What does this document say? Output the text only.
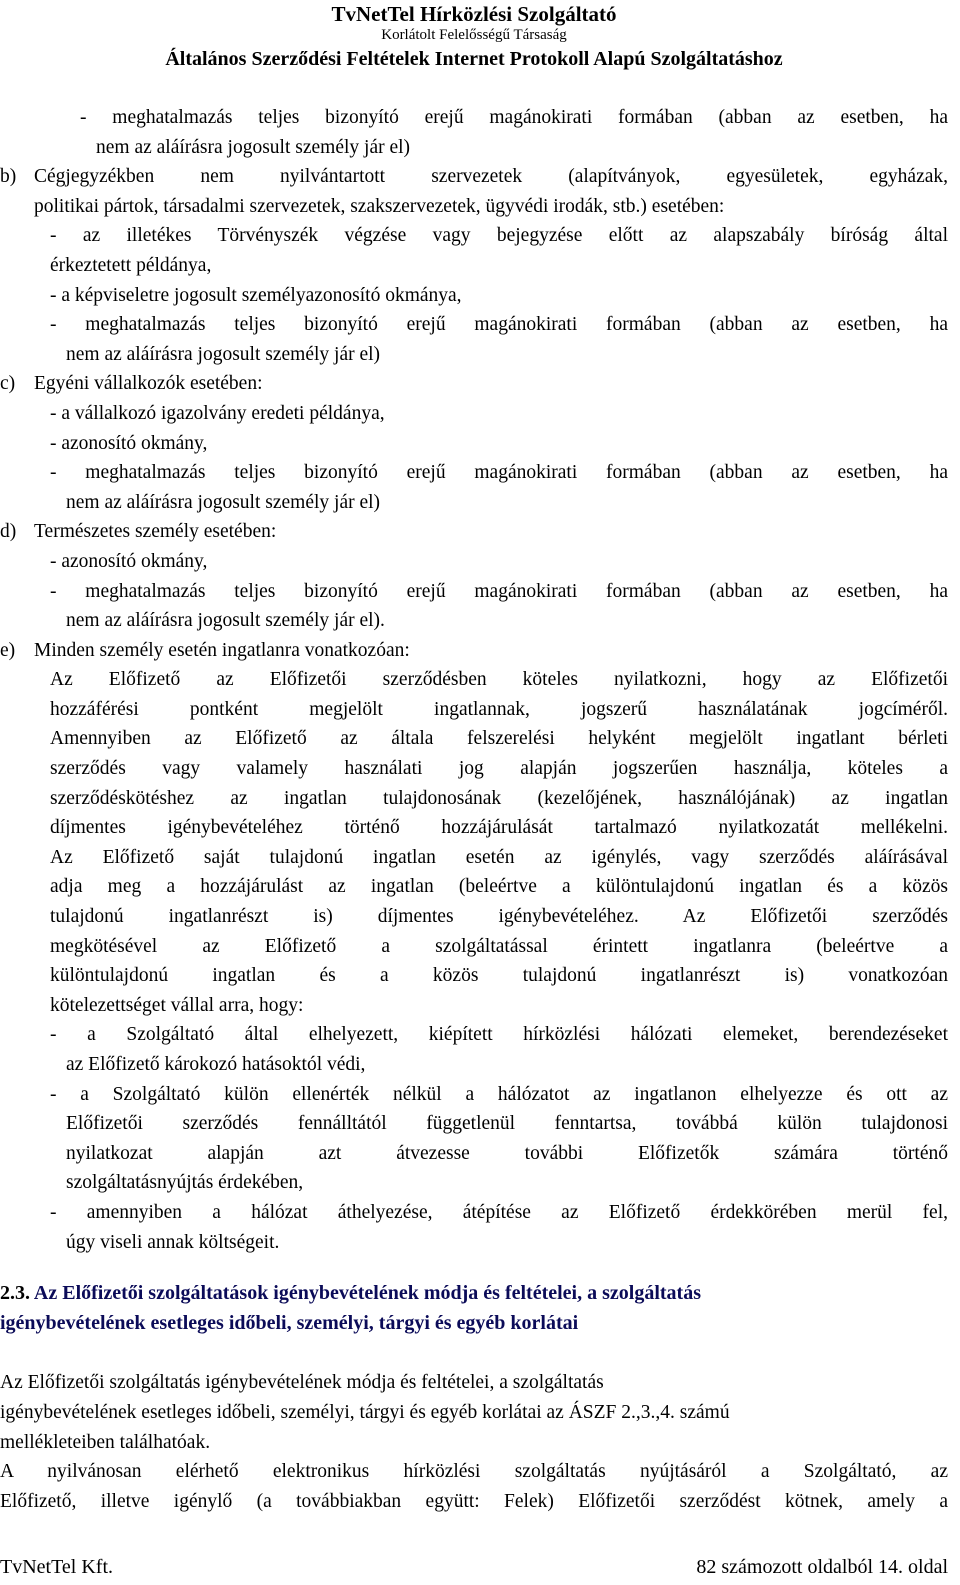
TvNetTel Hírközlési Szolgáltató
Korlátolt Felelősségű Társaság
Általános Szerződési Feltételek Internet Protokoll Alapú Szolgáltatáshoz

- meghatalmazás teljes bizonyító erejű magánokirati formában (abban az esetben, ha

nem az aláírásra jogosult személy jár el)

b) Cégjegyzékben nem nyilvántartott szervezetek (alapítványok, egyesületek, egyházak,

politikai pártok, társadalmi szervezetek, szakszervezetek, ügyvédi irodák, stb.) esetében:

- az illetékes Törvényszék végzése vagy bejegyzése előtt az alapszabály bíróság által

érkeztetett példánya,

- a képviseletre jogosult személyazonosító okmánya,

- meghatalmazás teljes bizonyító erejű magánokirati formában (abban az esetben, ha

nem az aláírásra jogosult személy jár el)

c) Egyéni vállalkozók esetében:

- a vállalkozó igazolvány eredeti példánya,

- azonosító okmány,

- meghatalmazás teljes bizonyító erejű magánokirati formában (abban az esetben, ha

nem az aláírásra jogosult személy jár el)

d) Természetes személy esetében:

- azonosító okmány,

- meghatalmazás teljes bizonyító erejű magánokirati formában (abban az esetben, ha

nem az aláírásra jogosult személy jár el).

e) Minden személy esetén ingatlanra vonatkozóan:

Az Előfizető az Előfizetői szerződésben köteles nyilatkozni, hogy az Előfizetői

hozzáférési pontként megjelölt ingatlannak, jogszerű használatának jogcíméről.

Amennyiben az Előfizető az általa felszerelési helyként megjelölt ingatlant bérleti

szerződés vagy valamely használati jog alapján jogszerűen használja, köteles a

szerződéskötéshez az ingatlan tulajdonosának (kezelőjének, használójának) az ingatlan

díjmentes igénybevételéhez történő hozzájárulását tartalmazó nyilatkozatát mellékelni.

Az Előfizető saját tulajdonú ingatlan esetén az igénylés, vagy szerződés aláírásával

adja meg a hozzájárulást az ingatlan (beleértve a különtulajdonú ingatlan és a közös

tulajdonú ingatlanrészt is) díjmentes igénybevételéhez. Az Előfizetői szerződés

megkötésével az Előfizető a szolgáltatással érintett ingatlanra (beleértve a

különtulajdonú ingatlan és a közös tulajdonú ingatlanrészt is) vonatkozóan

kötelezettséget vállal arra, hogy:

- a Szolgáltató által elhelyezett, kiépített hírközlési hálózati elemeket, berendezéseket

az Előfizető károkozó hatásoktól védi,

- a Szolgáltató külön ellenérték nélkül a hálózatot az ingatlanon elhelyezze és ott az

Előfizetői szerződés fennálltától függetlenül fenntartsa, továbbá külön tulajdonosi

nyilatkozat alapján azt átvezesse további Előfizetők számára történő

szolgáltatásnyújtás érdekében,

- amennyiben a hálózat áthelyezése, átépítése az Előfizető érdekkörében merül fel,

úgy viseli annak költségeit.

2.3. Az Előfizetői szolgáltatások igénybevételének módja és feltételei, a szolgáltatás

igénybevételének esetleges időbeli, személyi, tárgyi és egyéb korlátai

Az Előfizetői szolgáltatás igénybevételének módja és feltételei, a szolgáltatás

igénybevételének esetleges időbeli, személyi, tárgyi és egyéb korlátai az ÁSZF 2.,3.,4. számú

mellékleteiben találhatóak.

A nyilvánosan elérhető elektronikus hírközlési szolgáltatás nyújtásáról a Szolgáltató, az

Előfizető, illetve igénylő (a továbbiakban együtt: Felek) Előfizetői szerződést kötnek, amely a

TvNetTel Kft.	82 számozott oldalból 14. oldal
